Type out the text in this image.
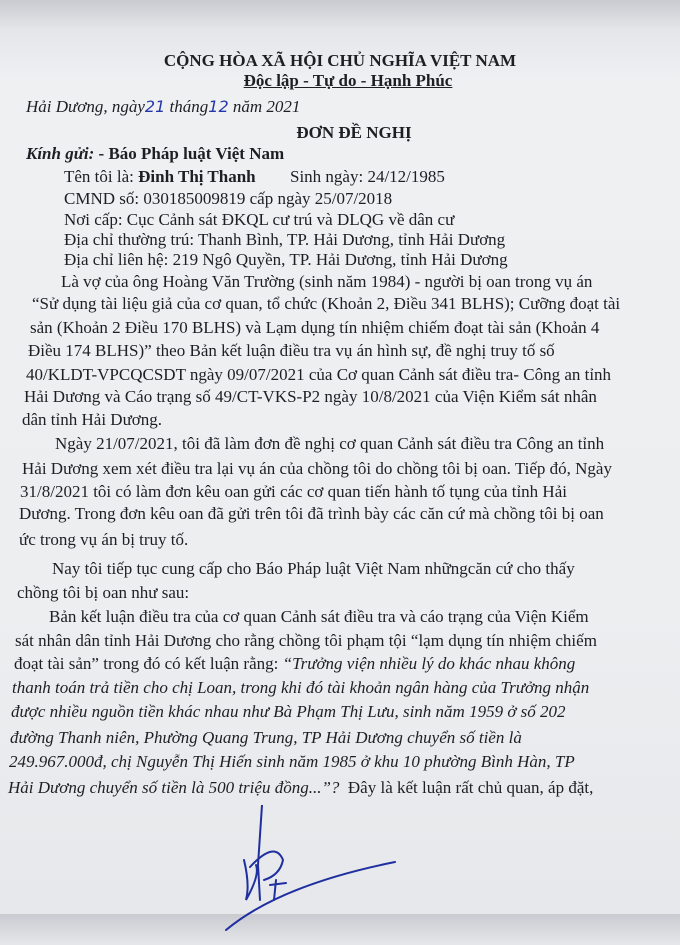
CỘNG HÒA XÃ HỘI CHỦ NGHĨA VIỆT NAM
Độc lập - Tự do - Hạnh Phúc
Hải Dương, ngày21 tháng12 năm 2021
ĐƠN ĐỀ NGHỊ
Kính gửi: - Báo Pháp luật Việt Nam
Tên tôi là: Đinh Thị Thanh Sinh ngày: 24/12/1985
CMND số: 030185009819 cấp ngày 25/07/2018
Nơi cấp: Cục Cảnh sát ĐKQL cư trú và DLQG về dân cư
Địa chỉ thường trú: Thanh Bình, TP. Hải Dương, tỉnh Hải Dương
Địa chỉ liên hệ: 219 Ngô Quyền, TP. Hải Dương, tỉnh Hải Dương
Là vợ của ông Hoàng Văn Trường (sinh năm 1984) - người bị oan trong vụ án
“Sử dụng tài liệu giả của cơ quan, tổ chức (Khoản 2, Điều 341 BLHS); Cưỡng đoạt tài
sản (Khoản 2 Điều 170 BLHS) và Lạm dụng tín nhiệm chiếm đoạt tài sản (Khoản 4
Điều 174 BLHS)” theo Bản kết luận điều tra vụ án hình sự, đề nghị truy tố số
40/KLDT-VPCQCSDT ngày 09/07/2021 của Cơ quan Cảnh sát điều tra- Công an tỉnh
Hải Dương và Cáo trạng số 49/CT-VKS-P2 ngày 10/8/2021 của Viện Kiểm sát nhân
dân tỉnh Hải Dương.
Ngày 21/07/2021, tôi đã làm đơn đề nghị cơ quan Cảnh sát điều tra Công an tỉnh
Hải Dương xem xét điều tra lại vụ án của chồng tôi do chồng tôi bị oan. Tiếp đó, Ngày
31/8/2021 tôi có làm đơn kêu oan gửi các cơ quan tiến hành tố tụng của tỉnh Hải
Dương. Trong đơn kêu oan đã gửi trên tôi đã trình bày các căn cứ mà chồng tôi bị oan
ức trong vụ án bị truy tố.
Nay tôi tiếp tục cung cấp cho Báo Pháp luật Việt Nam nhữngcăn cứ cho thấy
chồng tôi bị oan như sau:
Bản kết luận điều tra của cơ quan Cảnh sát điều tra và cáo trạng của Viện Kiểm
sát nhân dân tỉnh Hải Dương cho rằng chồng tôi phạm tội “lạm dụng tín nhiệm chiếm
đoạt tài sản” trong đó có kết luận rằng: “Trưởng viện nhiều lý do khác nhau không
thanh toán trả tiền cho chị Loan, trong khi đó tài khoản ngân hàng của Trưởng nhận
được nhiều nguồn tiền khác nhau như Bà Phạm Thị Lưu, sinh năm 1959 ở số 202
đường Thanh niên, Phường Quang Trung, TP Hải Dương chuyển số tiền là
249.967.000đ, chị Nguyễn Thị Hiến sinh năm 1985 ở khu 10 phường Bình Hàn, TP
Hải Dương chuyển số tiền là 500 triệu đồng...”? Đây là kết luận rất chủ quan, áp đặt,
